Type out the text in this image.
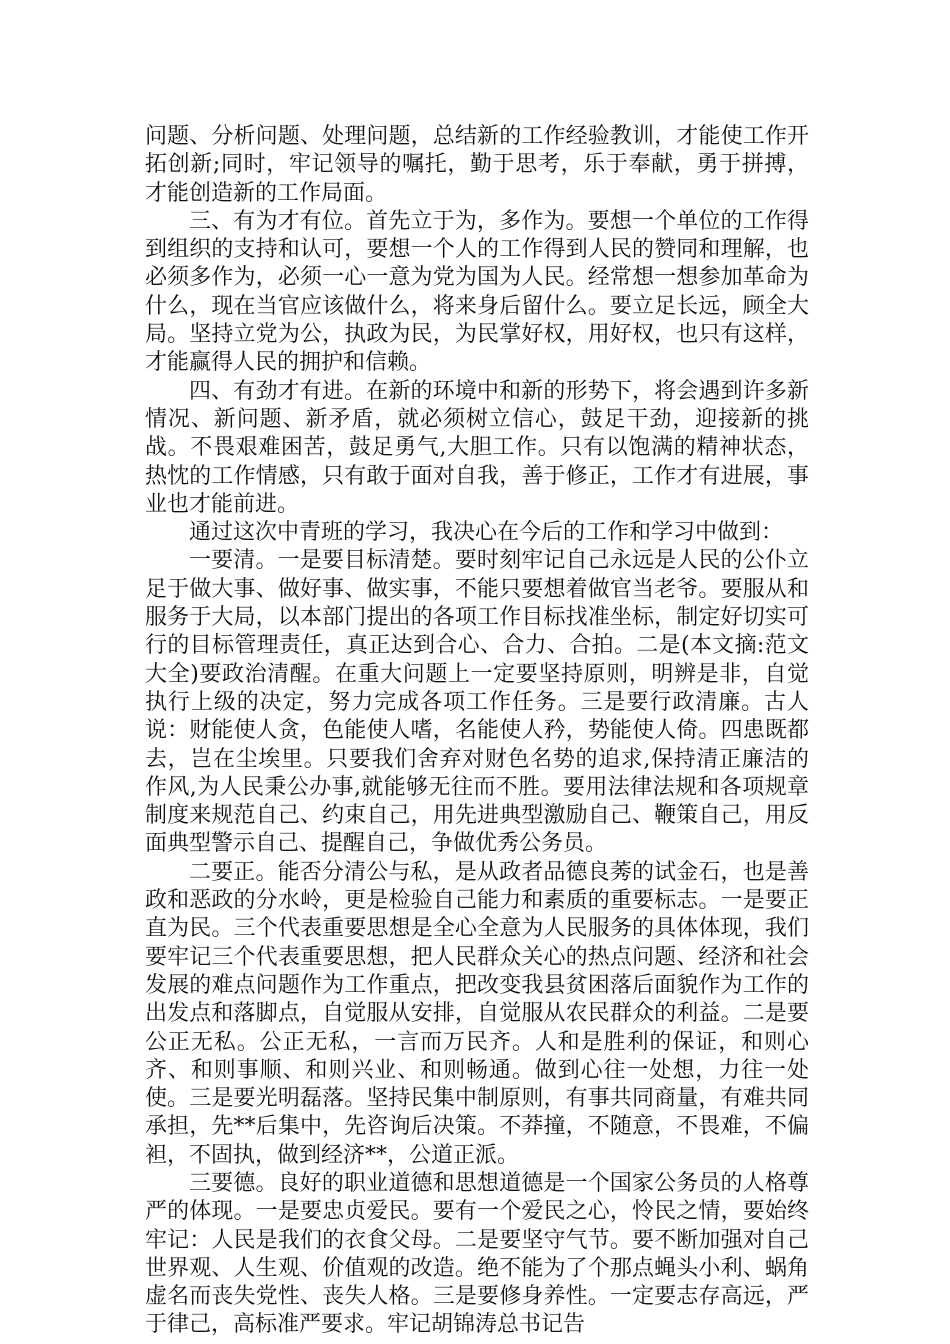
问题、分析问题、处理问题，总结新的工作经验教训，才能使工作开拓创新;同时，牢记领导的嘱托，勤于思考，乐于奉献，勇于拼搏，才能创造新的工作局面。

三、有为才有位。首先立于为，多作为。要想一个单位的工作得到组织的支持和认可，要想一个人的工作得到人民的赞同和理解，也必须多作为，必须一心一意为党为国为人民。经常想一想参加革命为什么，现在当官应该做什么，将来身后留什么。要立足长远，顾全大局。坚持立党为公，执政为民，为民掌好权，用好权，也只有这样，才能赢得人民的拥护和信赖。

四、有劲才有进。在新的环境中和新的形势下，将会遇到许多新情况、新问题、新矛盾，就必须树立信心，鼓足干劲，迎接新的挑战。不畏艰难困苦，鼓足勇气,大胆工作。只有以饱满的精神状态，热忱的工作情感，只有敢于面对自我，善于修正，工作才有进展，事业也才能前进。

通过这次中青班的学习，我决心在今后的工作和学习中做到：

一要清。一是要目标清楚。要时刻牢记自己永远是人民的公仆立足于做大事、做好事、做实事，不能只要想着做官当老爷。要服从和服务于大局，以本部门提出的各项工作目标找准坐标，制定好切实可行的目标管理责任，真正达到合心、合力、合拍。二是(本文摘:范文大全)要政治清醒。在重大问题上一定要坚持原则，明辨是非，自觉执行上级的决定，努力完成各项工作任务。三是要行政清廉。古人说：财能使人贪，色能使人嗜，名能使人矜，势能使人倚。四患既都去，岂在尘埃里。只要我们舍弃对财色名势的追求,保持清正廉洁的作风,为人民秉公办事,就能够无往而不胜。要用法律法规和各项规章制度来规范自己、约束自己，用先进典型激励自己、鞭策自己，用反面典型警示自己、提醒自己，争做优秀公务员。

二要正。能否分清公与私，是从政者品德良莠的试金石，也是善政和恶政的分水岭，更是检验自己能力和素质的重要标志。一是要正直为民。三个代表重要思想是全心全意为人民服务的具体体现，我们要牢记三个代表重要思想，把人民群众关心的热点问题、经济和社会发展的难点问题作为工作重点，把改变我县贫困落后面貌作为工作的出发点和落脚点，自觉服从安排，自觉服从农民群众的利益。二是要公正无私。公正无私，一言而万民齐。人和是胜利的保证，和则心齐、和则事顺、和则兴业、和则畅通。做到心往一处想，力往一处使。三是要光明磊落。坚持民集中制原则，有事共同商量，有难共同承担，先**后集中，先咨询后决策。不莽撞，不随意，不畏难，不偏袒，不固执，做到经济**，公道正派。

三要德。良好的职业道德和思想道德是一个国家公务员的人格尊严的体现。一是要忠贞爱民。要有一个爱民之心，怜民之情，要始终牢记：人民是我们的衣食父母。二是要坚守气节。要不断加强对自己世界观、人生观、价值观的改造。绝不能为了个那点蝇头小利、蜗角虚名而丧失党性、丧失人格。三是要修身养性。一定要志存高远，严于律己，高标准严要求。牢记胡锦涛总书记告
